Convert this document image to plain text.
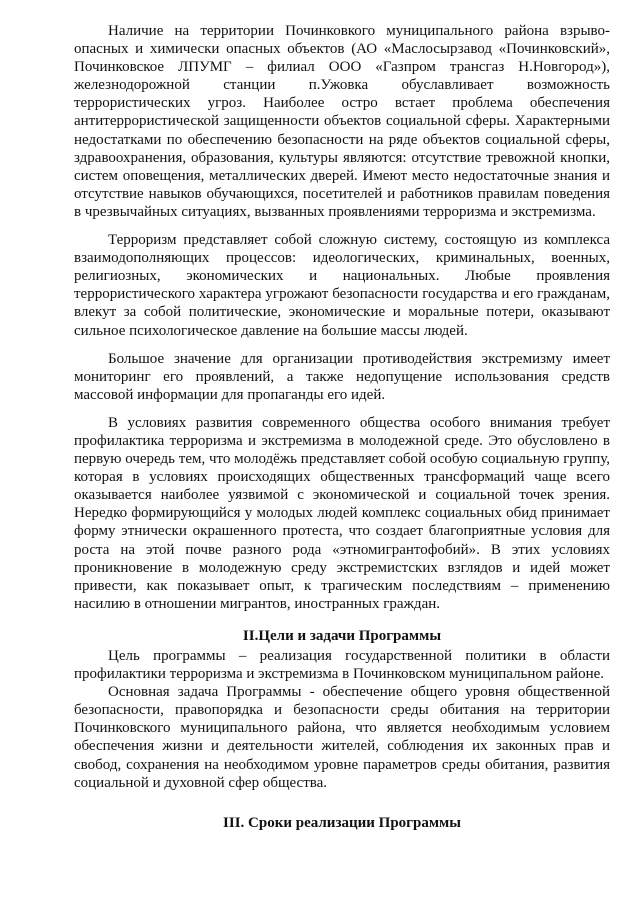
Наличие на территории Починковкого муниципального района взрыво-опасных и химически опасных объектов (АО «Маслосырзавод «Починковский», Починковское ЛПУМГ – филиал ООО «Газпром трансгаз Н.Новгород»), железнодорожной станции п.Ужовка обуславливает возможность террористических угроз. Наиболее остро встает проблема обеспечения антитеррористической защищенности объектов социальной сферы. Характерными недостатками по обеспечению безопасности на ряде объектов социальной сферы, здравоохранения, образования, культуры являются: отсутствие тревожной кнопки, систем оповещения, металлических дверей. Имеют место недостаточные знания и отсутствие навыков обучающихся, посетителей и работников правилам поведения в чрезвычайных ситуациях, вызванных проявлениями терроризма и экстремизма.

Терроризм представляет собой сложную систему, состоящую из комплекса взаимодополняющих процессов: идеологических, криминальных, военных, религиозных, экономических и национальных. Любые проявления террористического характера угрожают безопасности государства и его гражданам, влекут за собой политические, экономические и моральные потери, оказывают сильное психологическое давление на большие массы людей.

Большое значение для организации противодействия экстремизму имеет мониторинг его проявлений, а также недопущение использования средств массовой информации для пропаганды его идей.

В условиях развития современного общества особого внимания требует профилактика терроризма и экстремизма в молодежной среде. Это обусловлено в первую очередь тем, что молодёжь представляет собой особую социальную группу, которая в условиях происходящих общественных трансформаций чаще всего оказывается наиболее уязвимой с экономической и социальной точек зрения. Нередко формирующийся у молодых людей комплекс социальных обид принимает форму этнически окрашенного протеста, что создает благоприятные условия для роста на этой почве разного рода «этномигрантофобий». В этих условиях проникновение в молодежную среду экстремистских взглядов и идей может привести, как показывает опыт, к трагическим последствиям – применению насилию в отношении мигрантов, иностранных граждан.

II.Цели и задачи Программы

Цель программы – реализация государственной политики в области профилактики терроризма и экстремизма в Починковском муниципальном районе.

Основная задача Программы - обеспечение общего уровня общественной безопасности, правопорядка и безопасности среды обитания на территории Починковского муниципального района, что является необходимым условием обеспечения жизни и деятельности жителей, соблюдения их законных прав и свобод, сохранения на необходимом уровне параметров среды обитания, развития социальной и духовной сфер общества.

III. Сроки реализации Программы
